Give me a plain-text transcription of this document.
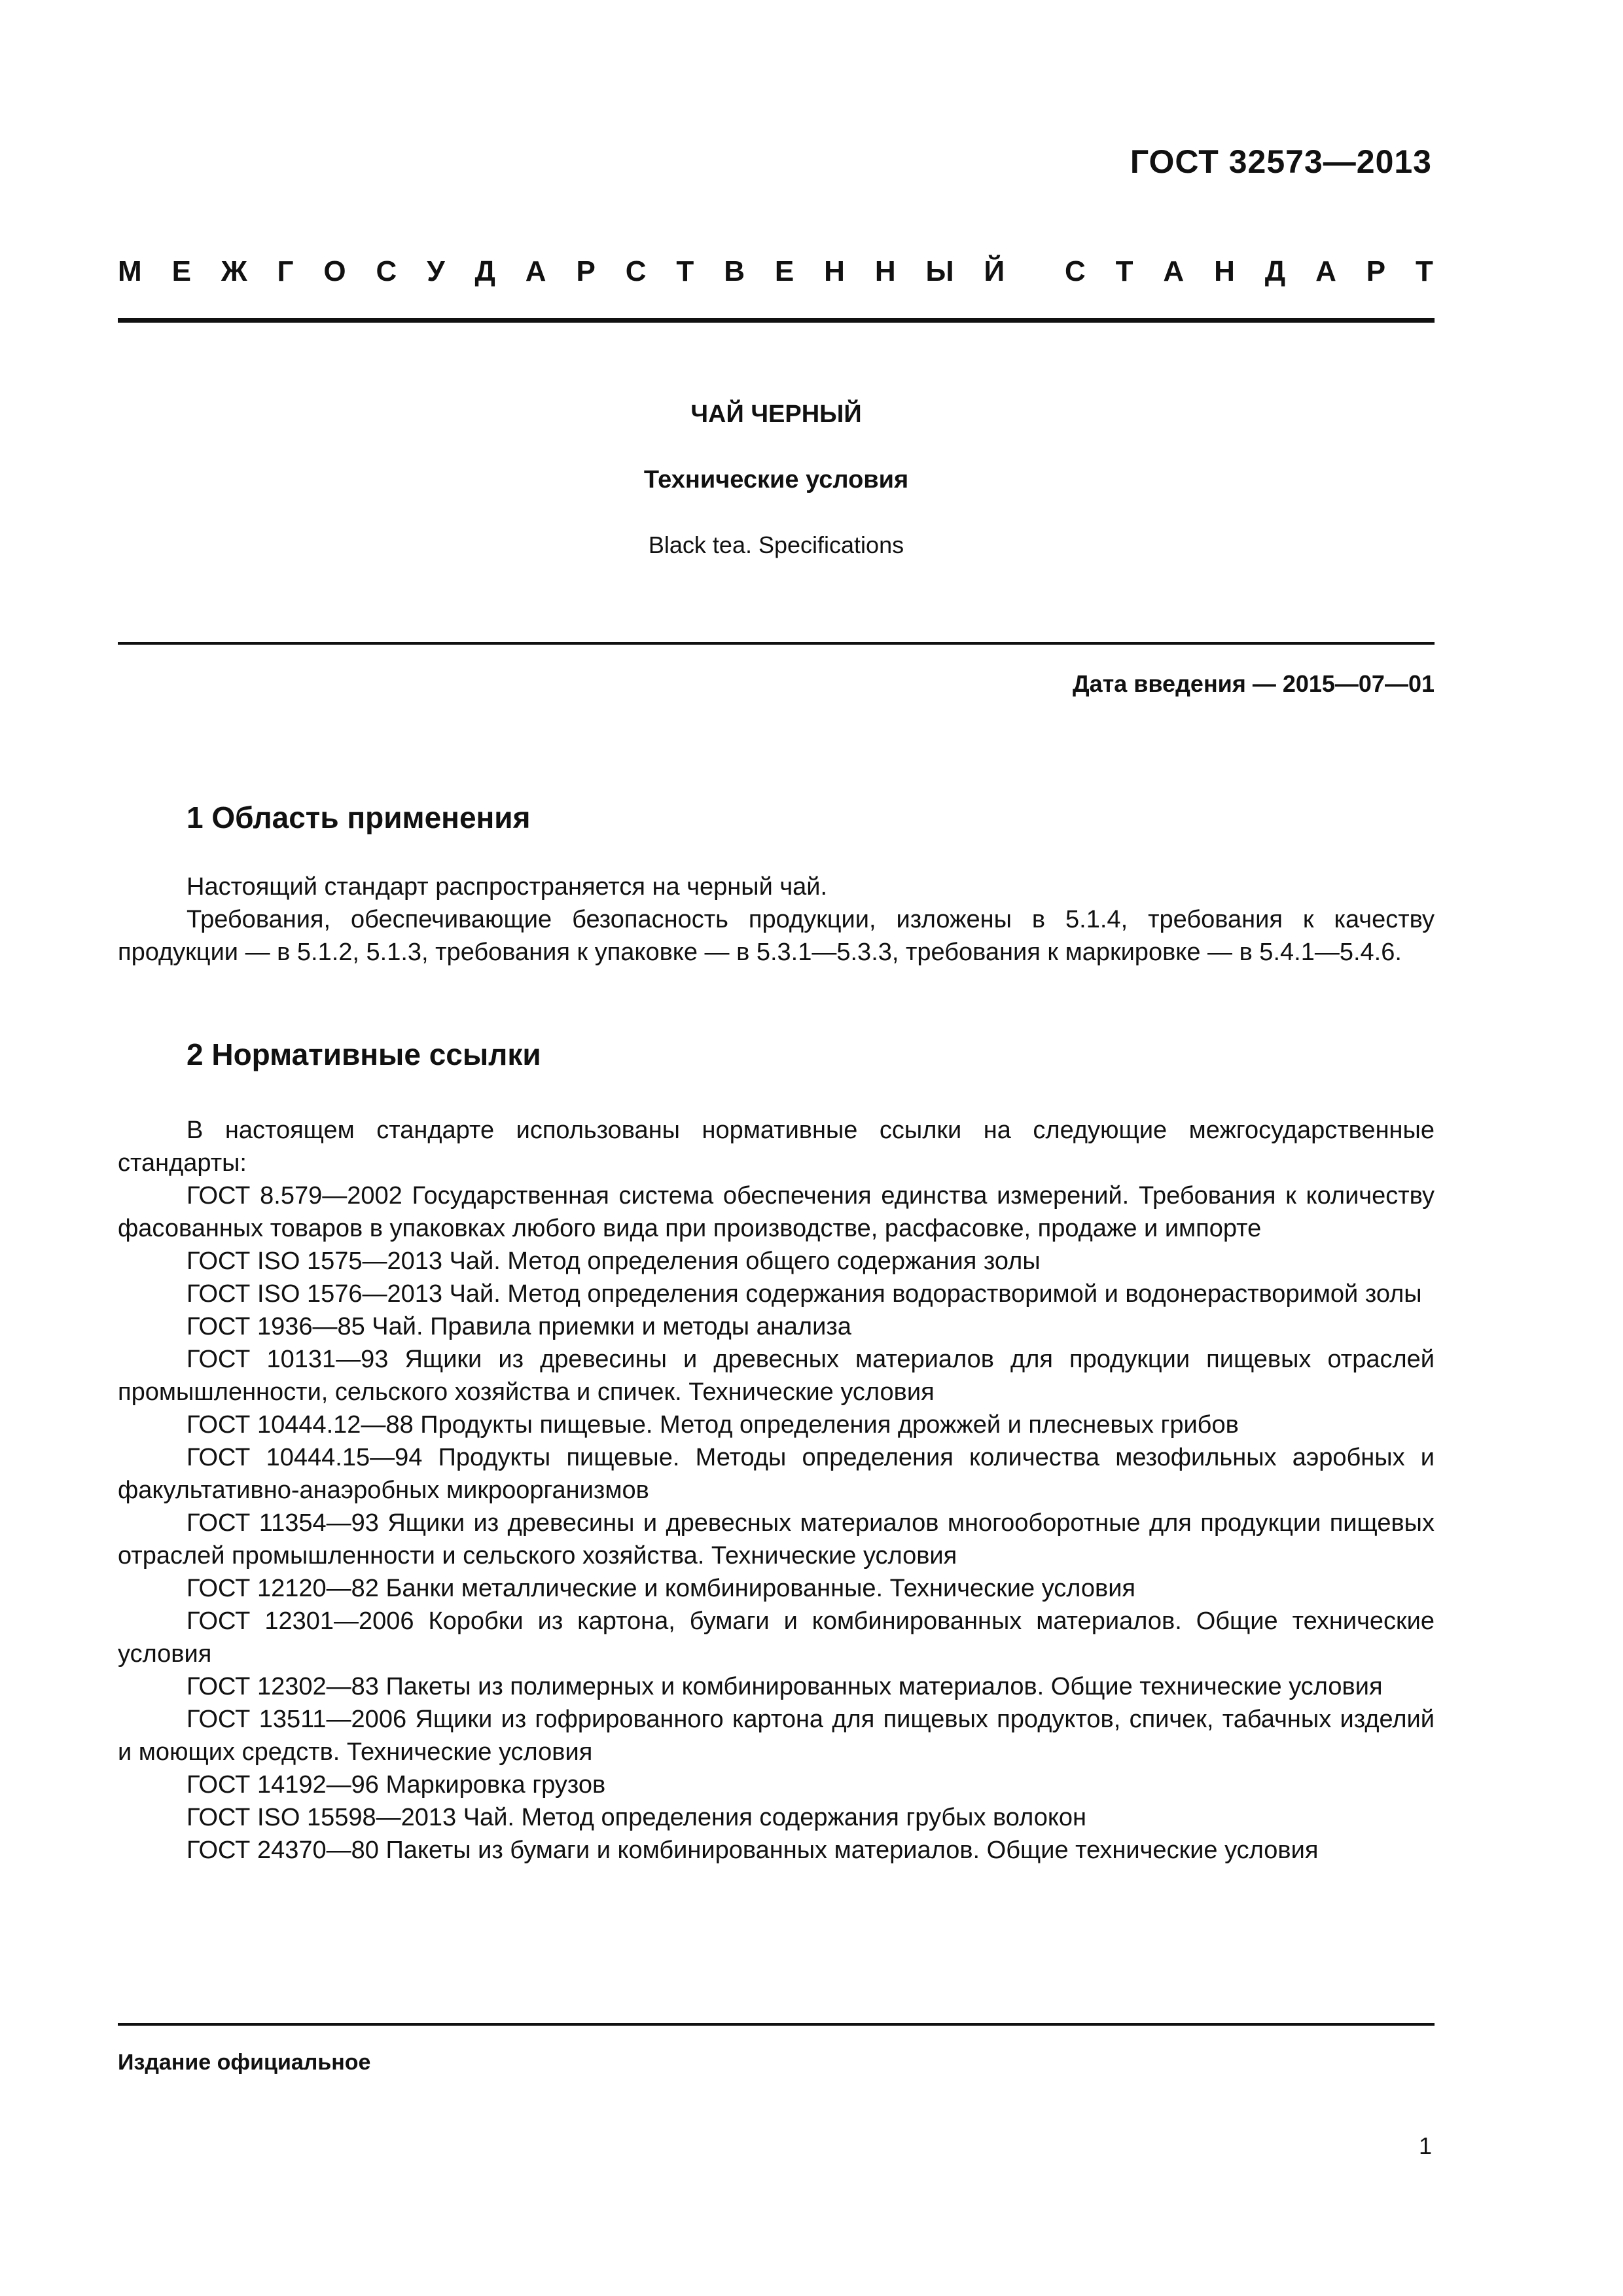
ГОСТ 32573—2013
М Е Ж Г О С У Д А Р С Т В Е Н Н Ы Й С Т А Н Д А Р Т
ЧАЙ ЧЕРНЫЙ
Технические условия
Black tea. Specifications
Дата введения — 2015—07—01
1 Область применения

Настоящий стандарт распространяется на черный чай.

Требования, обеспечивающие безопасность продукции, изложены в 5.1.4, требования к качеству продукции — в 5.1.2, 5.1.3, требования к упаковке — в 5.3.1—5.3.3, требования к маркировке — в 5.4.1—5.4.6.

2 Нормативные ссылки

В настоящем стандарте использованы нормативные ссылки на следующие межгосударственные стандарты:

ГОСТ 8.579—2002 Государственная система обеспечения единства измерений. Требования к количеству фасованных товаров в упаковках любого вида при производстве, расфасовке, продаже и импорте

ГОСТ ISO 1575—2013 Чай. Метод определения общего содержания золы

ГОСТ ISO 1576—2013 Чай. Метод определения содержания водорастворимой и водонерастворимой золы

ГОСТ 1936—85 Чай. Правила приемки и методы анализа

ГОСТ 10131—93 Ящики из древесины и древесных материалов для продукции пищевых отраслей промышленности, сельского хозяйства и спичек. Технические условия

ГОСТ 10444.12—88 Продукты пищевые. Метод определения дрожжей и плесневых грибов

ГОСТ 10444.15—94 Продукты пищевые. Методы определения количества мезофильных аэробных и факультативно-анаэробных микроорганизмов

ГОСТ 11354—93 Ящики из древесины и древесных материалов многооборотные для продукции пищевых отраслей промышленности и сельского хозяйства. Технические условия

ГОСТ 12120—82 Банки металлические и комбинированные. Технические условия

ГОСТ 12301—2006 Коробки из картона, бумаги и комбинированных материалов. Общие технические условия

ГОСТ 12302—83 Пакеты из полимерных и комбинированных материалов. Общие технические условия

ГОСТ 13511—2006 Ящики из гофрированного картона для пищевых продуктов, спичек, табачных изделий и моющих средств. Технические условия

ГОСТ 14192—96 Маркировка грузов

ГОСТ ISO 15598—2013 Чай. Метод определения содержания грубых волокон

ГОСТ 24370—80 Пакеты из бумаги и комбинированных материалов. Общие технические условия

Издание официальное
1
